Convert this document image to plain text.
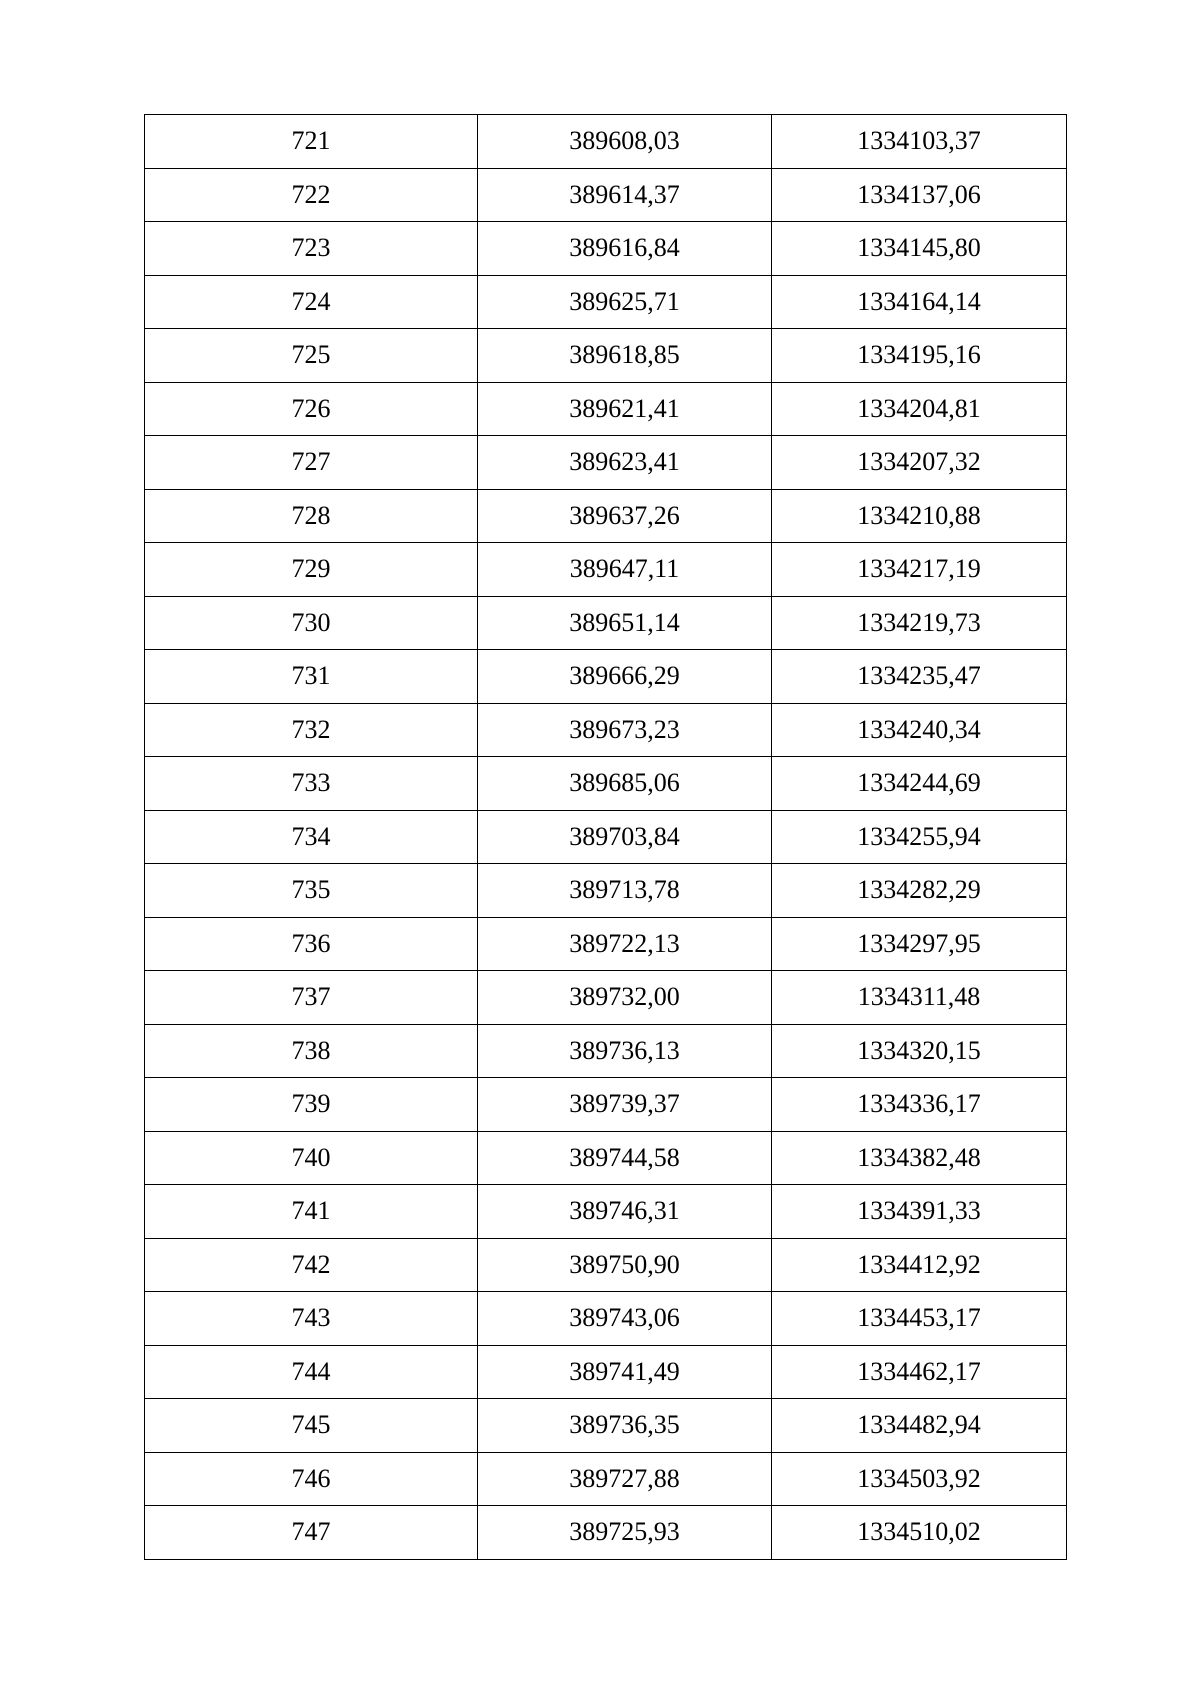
721	389608,03	1334103,37
722	389614,37	1334137,06
723	389616,84	1334145,80
724	389625,71	1334164,14
725	389618,85	1334195,16
726	389621,41	1334204,81
727	389623,41	1334207,32
728	389637,26	1334210,88
729	389647,11	1334217,19
730	389651,14	1334219,73
731	389666,29	1334235,47
732	389673,23	1334240,34
733	389685,06	1334244,69
734	389703,84	1334255,94
735	389713,78	1334282,29
736	389722,13	1334297,95
737	389732,00	1334311,48
738	389736,13	1334320,15
739	389739,37	1334336,17
740	389744,58	1334382,48
741	389746,31	1334391,33
742	389750,90	1334412,92
743	389743,06	1334453,17
744	389741,49	1334462,17
745	389736,35	1334482,94
746	389727,88	1334503,92
747	389725,93	1334510,02
